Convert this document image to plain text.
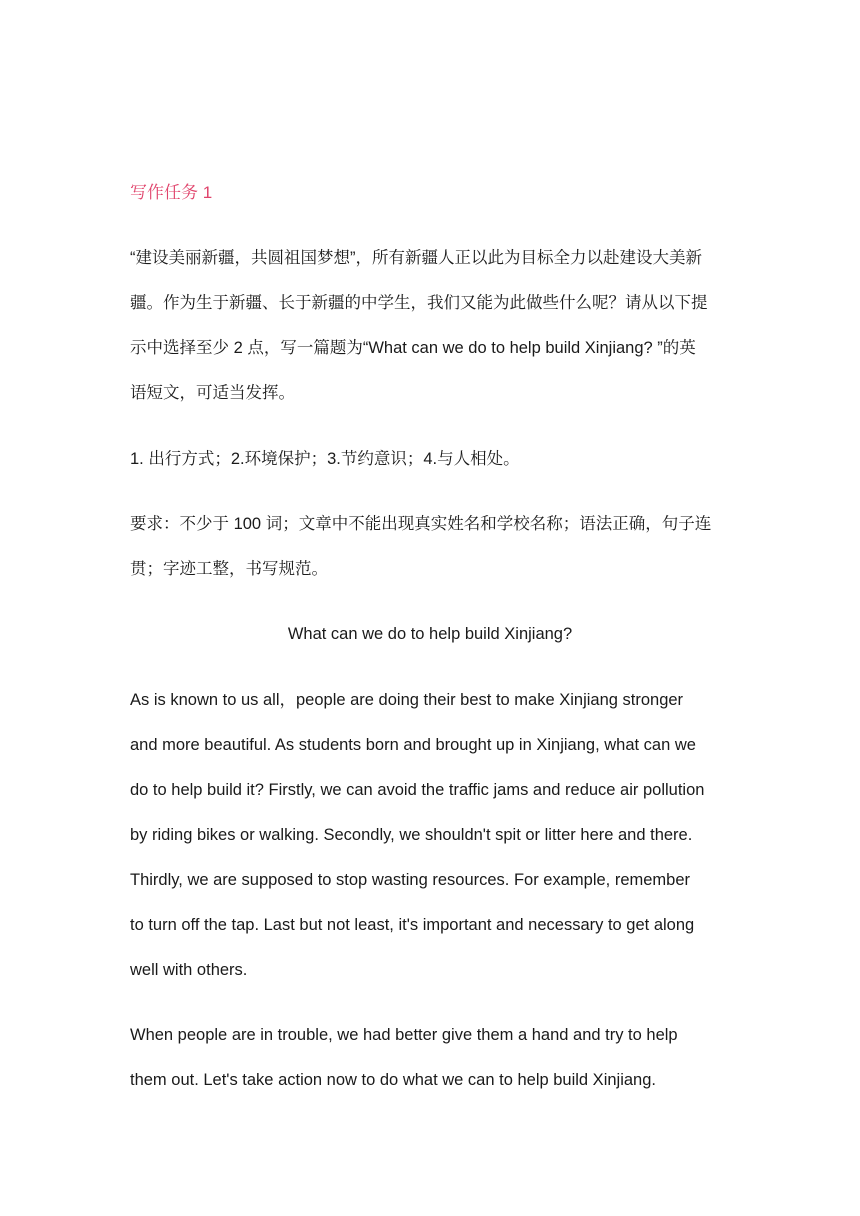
写作任务 1
“建设美丽新疆，共圆祖国梦想”，所有新疆人正以此为目标全力以赴建设大美新
疆。作为生于新疆、长于新疆的中学生，我们又能为此做些什么呢？请从以下提
示中选择至少 2 点，写一篇题为“What can we do to help build Xinjiang? ”的英
语短文，可适当发挥。
1. 出行方式；2.环境保护；3.节约意识；4.与人相处。
要求：不少于 100 词；文章中不能出现真实姓名和学校名称；语法正确，句子连
贯；字迹工整，书写规范。
What can we do to help build Xinjiang?
As is known to us all，people are doing their best to make Xinjiang stronger
and more beautiful. As students born and brought up in Xinjiang, what can we
do to help build it? Firstly, we can avoid the traffic jams and reduce air pollution
by riding bikes or walking. Secondly, we shouldn't spit or litter here and there.
Thirdly, we are supposed to stop wasting resources. For example, remember
to turn off the tap. Last but not least, it's important and necessary to get along
well with others.
When people are in trouble, we had better give them a hand and try to help
them out. Let's take action now to do what we can to help build Xinjiang.
